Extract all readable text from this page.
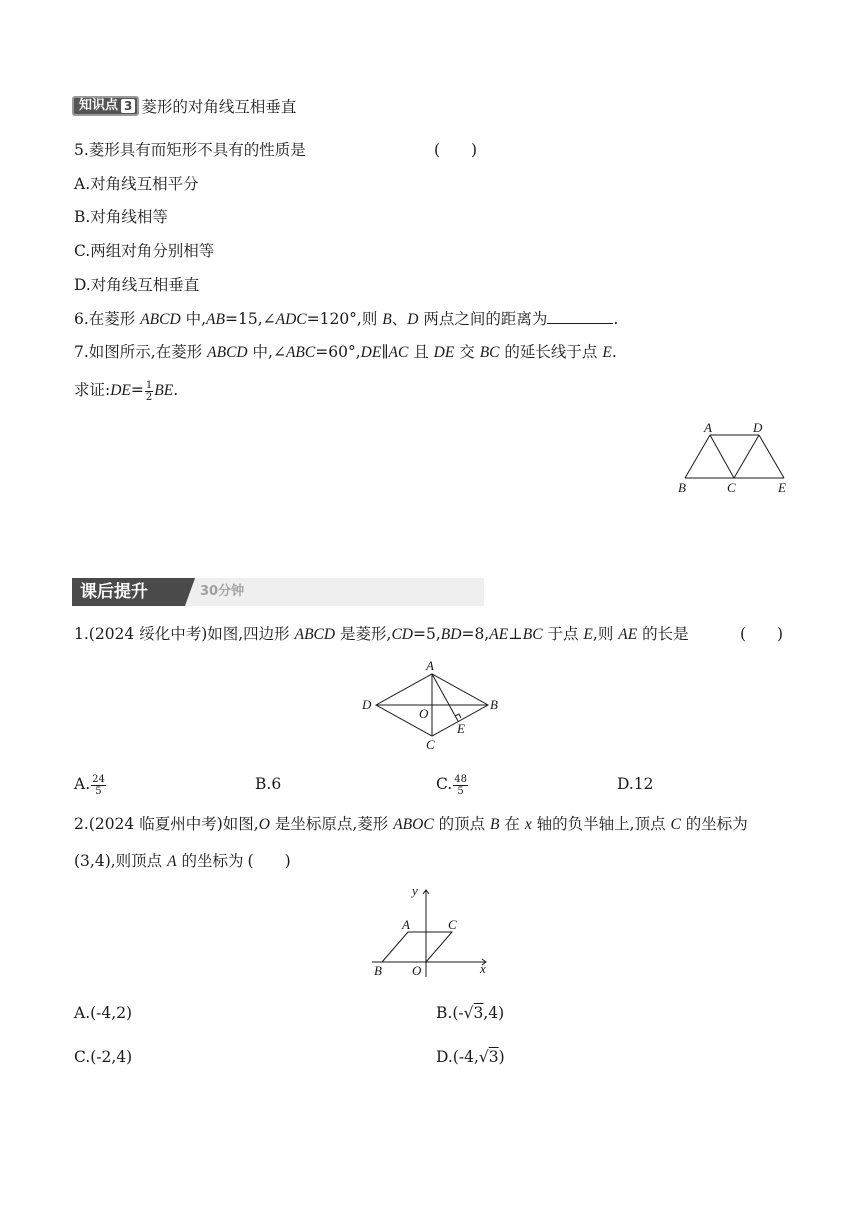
知识点 3 菱形的对角线互相垂直
5.菱形具有而矩形不具有的性质是	(　　)
A.对角线互相平分
B.对角线相等
C.两组对角分别相等
D.对角线互相垂直
6.在菱形 ABCD 中,AB=15,∠ADC=120°,则 B、D 两点之间的距离为	.
7.如图所示,在菱形 ABCD 中,∠ABC=60°,DE∥AC 且 DE 交 BC 的延长线于点 E.
求证:DE= $\frac{1}{2}$ BE.
A	D
B	C	E
课后提升	30分钟
1.(2024 绥化中考)如图,四边形 ABCD 是菱形,CD=5,BD=8,AE⊥BC 于点 E,则 AE 的长是	(　　)
A
B
C
D
O
E
A. $\frac{24}{5}$	B.6	C. $\frac{48}{5}$	D.12
2.(2024 临夏州中考)如图,O 是坐标原点,菱形 ABOC 的顶点 B 在 x 轴的负半轴上,顶点 C 的坐标为
(3,4),则顶点 A 的坐标为 (　　)
y
x
A	C
B O
A.(-4,2)	B.(-√3,4)
C.(-2,4)	D.(-4,√3)
